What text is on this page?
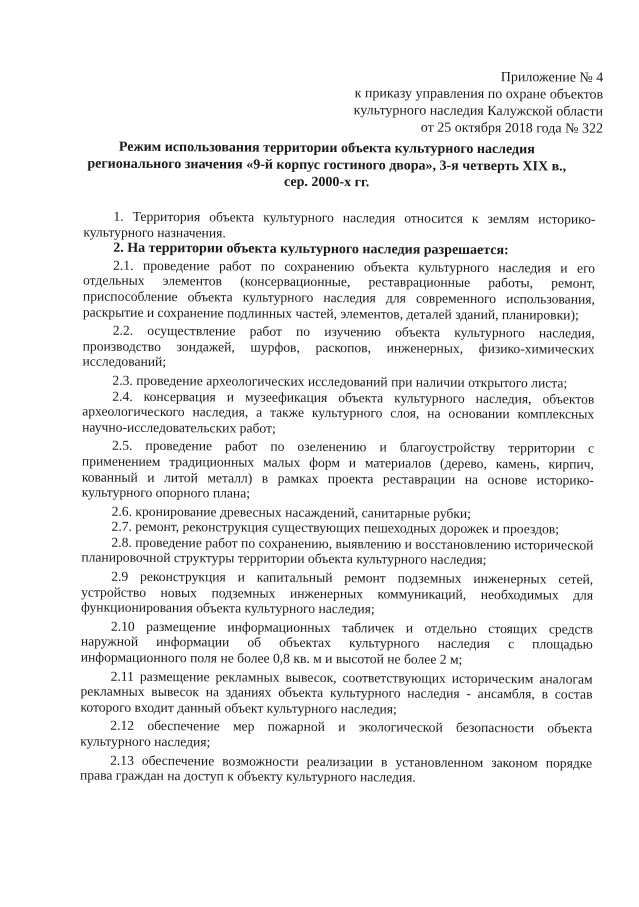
Приложение № 4
к приказу управления по охране объектов
культурного наследия Калужской области
от 25 октября 2018 года № 322
Режим использования территории объекта культурного наследия регионального значения «9-й корпус гостиного двора», 3-я четверть XIX в., сер. 2000-х гг.

1. Территория объекта культурного наследия относится к землям историко-культурного назначения.

2. На территории объекта культурного наследия разрешается:

2.1. проведение работ по сохранению объекта культурного наследия и его отдельных элементов (консервационные, реставрационные работы, ремонт, приспособление объекта культурного наследия для современного использования, раскрытие и сохранение подлинных частей, элементов, деталей зданий, планировки);

2.2. осуществление работ по изучению объекта культурного наследия, производство зондажей, шурфов, раскопов, инженерных, физико-химических исследований;

2.3. проведение археологических исследований при наличии открытого листа;

2.4. консервация и музеефикация объекта культурного наследия, объектов археологического наследия, а также культурного слоя, на основании комплексных научно-исследовательских работ;

2.5. проведение работ по озеленению и благоустройству территории с применением традиционных малых форм и материалов (дерево, камень, кирпич, кованный и литой металл) в рамках проекта реставрации на основе историко-культурного опорного плана;

2.6. кронирование древесных насаждений, санитарные рубки;

2.7. ремонт, реконструкция существующих пешеходных дорожек и проездов;

2.8. проведение работ по сохранению, выявлению и восстановлению исторической планировочной структуры территории объекта культурного наследия;

2.9 реконструкция и капитальный ремонт подземных инженерных сетей, устройство новых подземных инженерных коммуникаций, необходимых для функционирования объекта культурного наследия;

2.10 размещение информационных табличек и отдельно стоящих средств наружной информации об объектах культурного наследия с площадью информационного поля не более 0,8 кв. м и высотой не более 2 м;

2.11 размещение рекламных вывесок, соответствующих историческим аналогам рекламных вывесок на зданиях объекта культурного наследия - ансамбля, в состав которого входит данный объект культурного наследия;

2.12 обеспечение мер пожарной и экологической безопасности объекта культурного наследия;

2.13 обеспечение возможности реализации в установленном законом порядке права граждан на доступ к объекту культурного наследия.
